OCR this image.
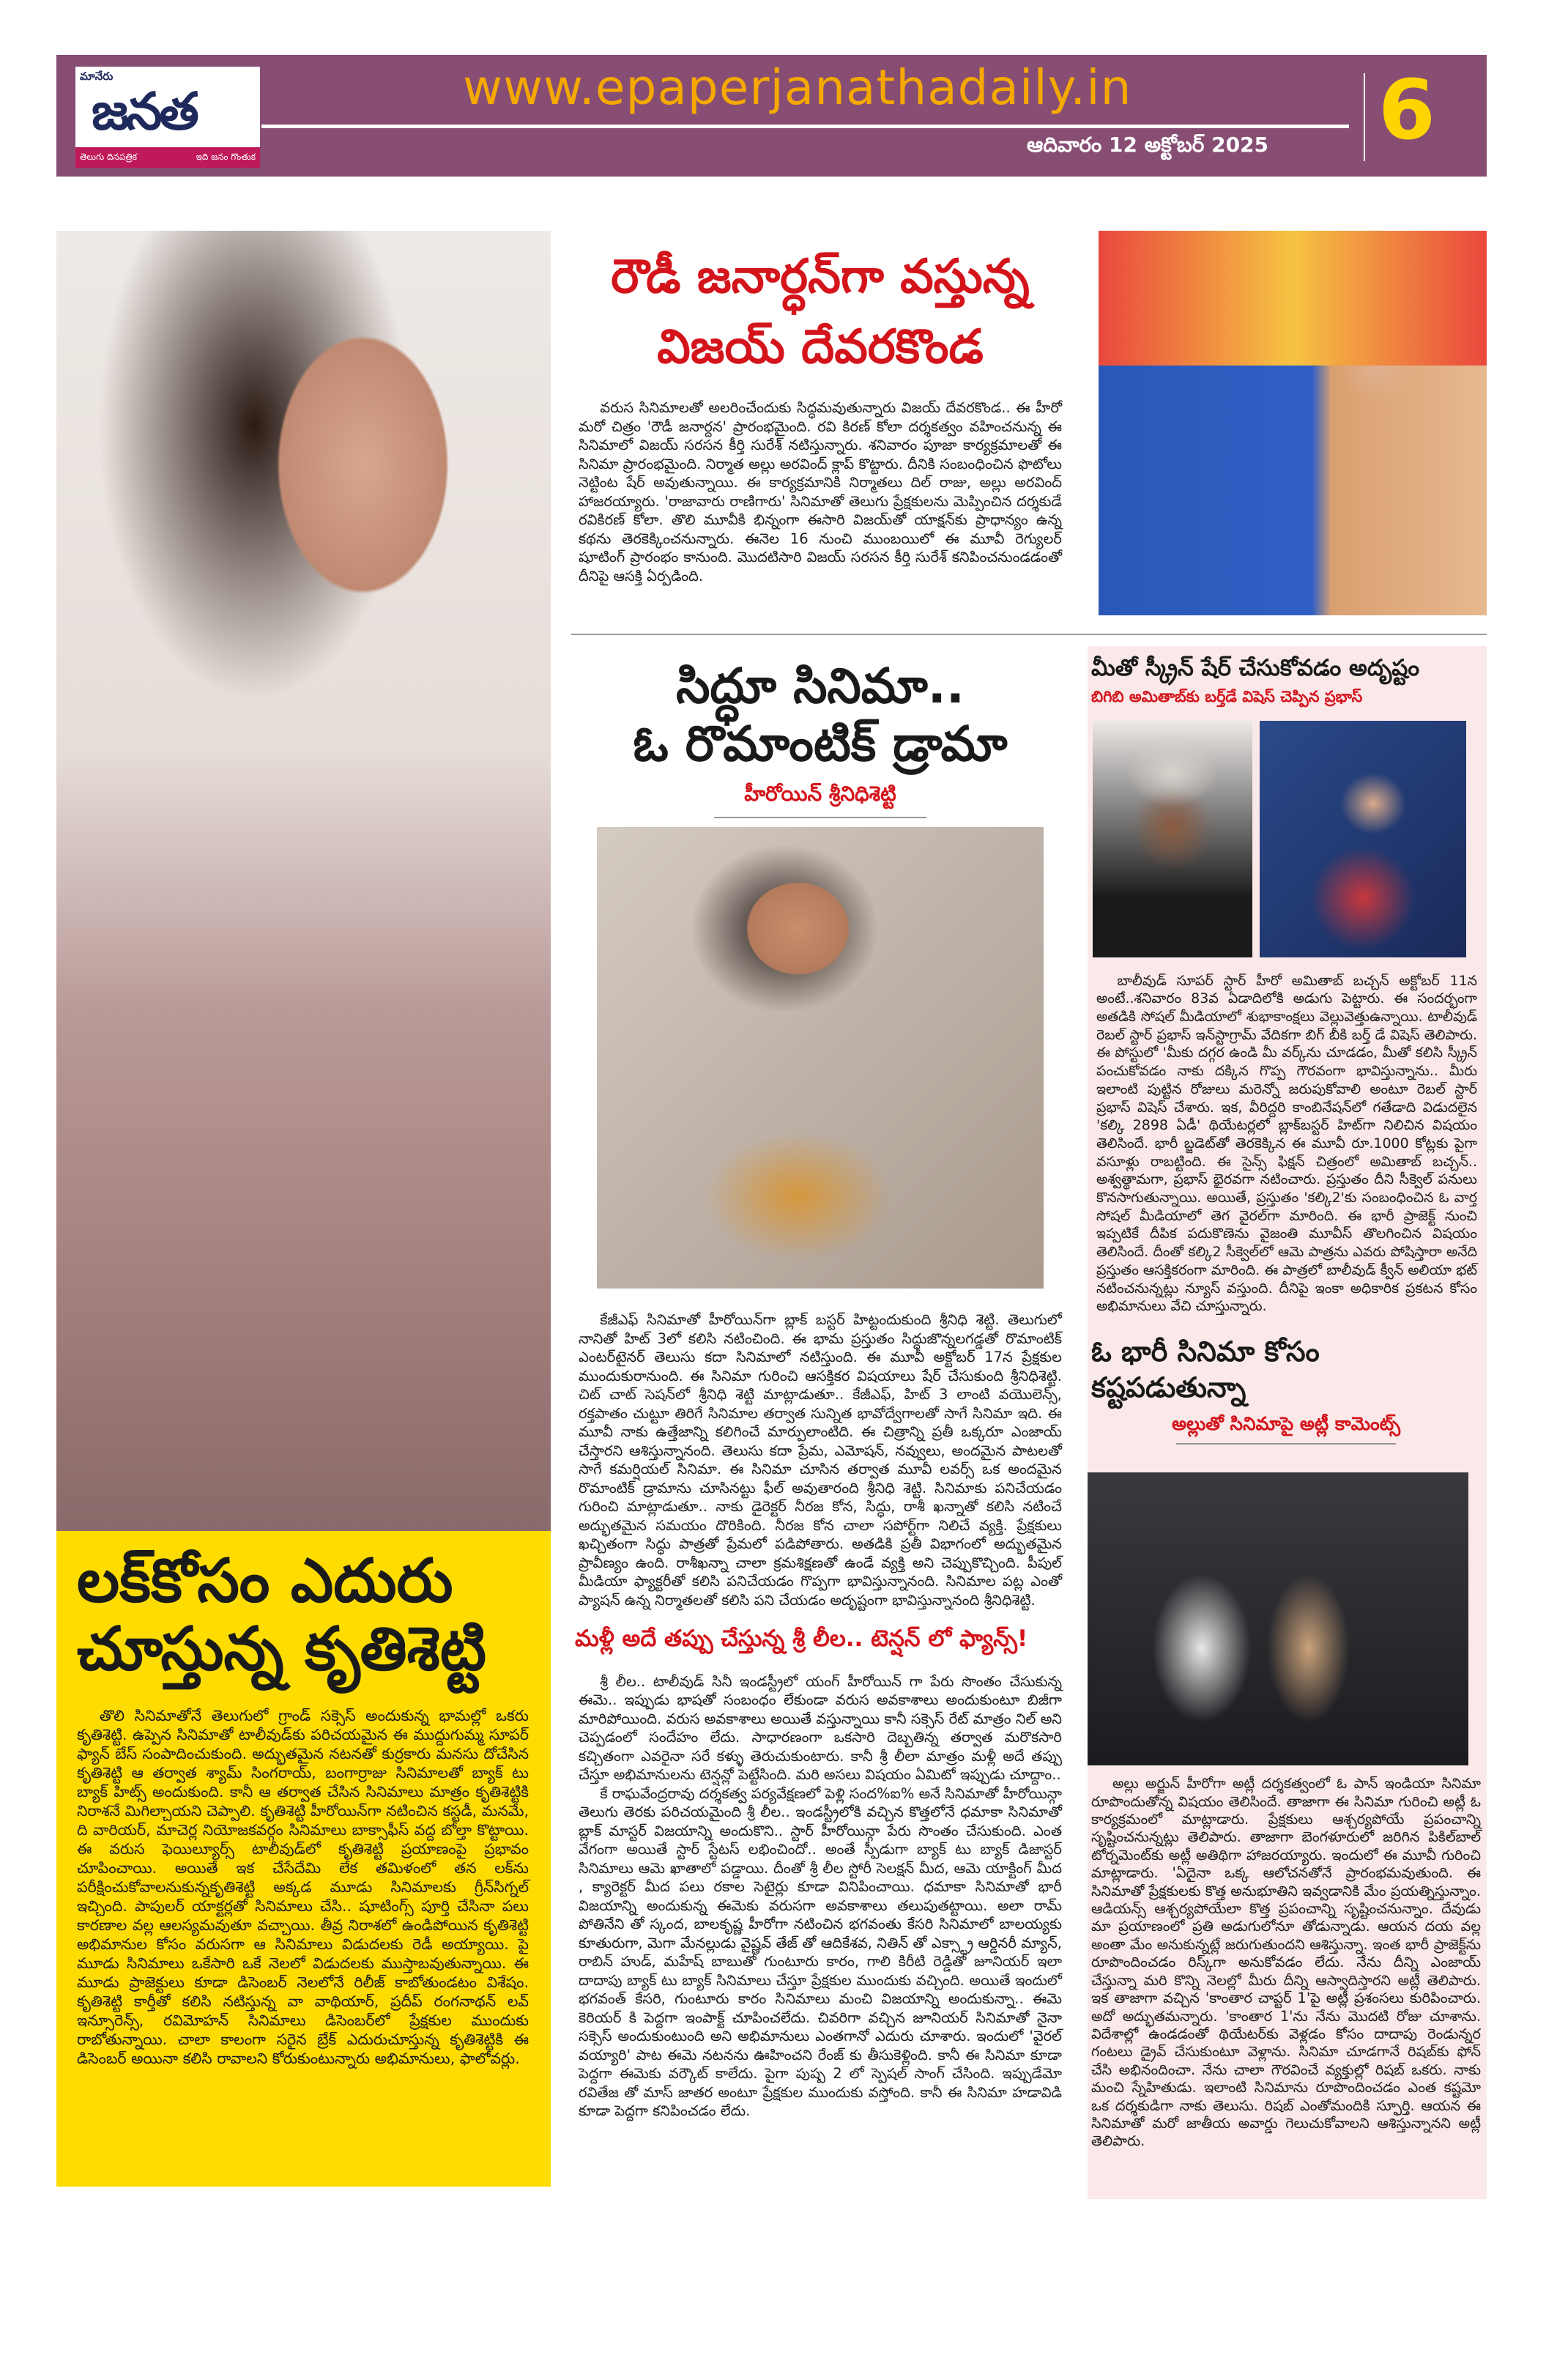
మానేరు
జనత
తెలుగు దినపత్రిక	ఇది జనం గొంతుక
www.epaperjanathadaily.in
ఆదివారం 12 అక్టోబర్ 2025 6
లక్‌కోసం ఎదురు
చూస్తున్న కృతిశెట్టి

తొలి సినిమాతోనే తెలుగులో గ్రాండ్ సక్సెస్ అందుకున్న భామల్లో ఒకరు కృతిశెట్టి. ఉప్పెన సినిమాతో టాలీవుడ్‌కు పరిచయమైన ఈ ముద్దుగుమ్మ సూపర్ ఫ్యాన్ బేస్ సంపాదించుకుంది. అద్భుతమైన నటనతో కుర్రకారు మనసు దోచేసిన కృతిశెట్టి ఆ తర్వాత శ్యామ్ సింగరాయ్, బంగార్రాజు సినిమాలతో బ్యాక్ టు బ్యాక్ హిట్స్ అందుకుంది. కానీ ఆ తర్వాత చేసిన సినిమాలు మాత్రం కృతిశెట్టికి నిరాశనే మిగిల్చాయని చెప్పాలి. కృతిశెట్టి హీరోయిన్‌గా నటించిన కస్టడీ, మనమే, ది వారియర్, మాచెర్ల నియోజకవర్గం సినిమాలు బాక్సాఫీస్ వద్ద బోల్తా కొట్టాయి. ఈ వరుస ఫెయిల్యూర్స్ టాలీవుడ్‌లో కృతిశెట్టి ప్రయాణంపై ప్రభావం చూపించాయి. అయితే ఇక చేసేదేమి లేక తమిళంలో తన లక్‌ను పరీక్షించుకోవాలనుకున్నకృతిశెట్టి అక్కడ మూడు సినిమాలకు గ్రీన్‌సిగ్నల్ ఇచ్చింది. పాపులర్ యాక్టర్లతో సినిమాలు చేసి.. షూటింగ్స్ పూర్తి చేసినా పలు కారణాల వల్ల ఆలస్యమవుతూ వచ్చాయి. తీవ్ర నిరాశలో ఉండిపోయిన కృతిశెట్టి అభిమానుల కోసం వరుసగా ఆ సినిమాలు విడుదలకు రెడీ అయ్యాయి. పై మూడు సినిమాలు ఒకేసారి ఒకే నెలలో విడుదలకు ముస్తాబవుతున్నాయి. ఈ మూడు ప్రాజెక్టులు కూడా డిసెంబర్ నెలలోనే రిలీజ్ కాబోతుండటం విశేషం. కృతిశెట్టి కార్తీతో కలిసి నటిస్తున్న వా వాథియార్, ప్రదీప్ రంగనాథన్ లవ్ ఇన్సూరెన్స్, రవిమోహన్ సినిమాలు డిసెంబర్‌లో ప్రేక్షకుల ముందుకు రాబోతున్నాయి. చాలా కాలంగా సరైన బ్రేక్ ఎదురుచూస్తున్న కృతిశెట్టికి ఈ డిసెంబర్ అయినా కలిసి రావాలని కోరుకుంటున్నారు అభిమానులు, ఫాలోవర్లు.

రౌడీ జనార్ధన్‌గా వస్తున్న
విజయ్ దేవరకొండ

వరుస సినిమాలతో అలరించేందుకు సిద్ధమవుతున్నారు విజయ్ దేవరకొండ.. ఈ హీరో మరో చిత్రం 'రౌడీ జనార్దన' ప్రారంభమైంది. రవి కిరణ్ కోలా దర్శకత్వం వహించనున్న ఈ సినిమాలో విజయ్ సరసన కీర్తి సురేశ్ నటిస్తున్నారు. శనివారం పూజా కార్యక్రమాలతో ఈ సినిమా ప్రారంభమైంది. నిర్మాత అల్లు అరవింద్ క్లాప్ కొట్టారు. దీనికి సంబంధించిన ఫొటోలు నెట్టింట షేర్ అవుతున్నాయి. ఈ కార్యక్రమానికి నిర్మాతలు దిల్ రాజు, అల్లు అరవింద్ హాజరయ్యారు. 'రాజావారు రాణిగారు' సినిమాతో తెలుగు ప్రేక్షకులను మెప్పించిన దర్శకుడే రవికిరణ్ కోలా. తొలి మూవీకి భిన్నంగా ఈసారి విజయ్‌తో యాక్షన్‌కు ప్రాధాన్యం ఉన్న కథను తెరకెక్కించనున్నారు. ఈనెల 16 నుంచి ముంబయిలో ఈ మూవీ రెగ్యులర్ షూటింగ్ ప్రారంభం కానుంది. మొదటిసారి విజయ్ సరసన కీర్తి సురేశ్ కనిపించనుండడంతో దీనిపై ఆసక్తి ఏర్పడింది.

సిద్ధూ సినిమా..
ఓ రొమాంటిక్ డ్రామా
హీరోయిన్ శ్రీనిధిశెట్టి

కేజీఎఫ్ సినిమాతో హీరోయిన్‌గా బ్లాక్ బస్టర్ హిట్టందుకుంది శ్రీనిధి శెట్టి. తెలుగులో నానితో హిట్ 3లో కలిసి నటించింది. ఈ భామ ప్రస్తుతం సిద్ధుజొన్నలగడ్డతో రొమాంటిక్ ఎంటర్‌టైనర్ తెలుసు కదా సినిమాలో నటిస్తుంది. ఈ మూవీ అక్టోబర్ 17న ప్రేక్షకుల ముందుకురానుంది. ఈ సినిమా గురించి ఆసక్తికర విషయాలు షేర్ చేసుకుంది శ్రీనిధిశెట్టి. చిట్ చాట్ సెషన్‌లో శ్రీనిధి శెట్టి మాట్లాడుతూ.. కేజీఎఫ్, హిట్ 3 లాంటి వయొలెన్స్, రక్తపాతం చుట్టూ తిరిగే సినిమాల తర్వాత సున్నిత భావోద్వేగాలతో సాగే సినిమా ఇది. ఈ మూవీ నాకు ఉత్తేజాన్ని కలిగించే మార్పులాంటిది. ఈ చిత్రాన్ని ప్రతీ ఒక్కరూ ఎంజాయ్ చేస్తారని ఆశిస్తున్నానంది. తెలుసు కదా ప్రేమ, ఎమోషన్, నవ్వులు, అందమైన పాటలతో సాగే కమర్షియల్ సినిమా. ఈ సినిమా చూసిన తర్వాత మూవీ లవర్స్ ఒక అందమైన రొమాంటిక్ డ్రామాను చూసినట్టు ఫీల్ అవుతారంది శ్రీనిధి శెట్టి. సినిమాకు పనిచేయడం గురించి మాట్లాడుతూ.. నాకు డైరెక్టర్ నీరజ కోన, సిద్ధు, రాశీ ఖన్నాతో కలిసి నటించే అద్భుతమైన సమయం దొరికింది. నీరజ కోన చాలా సపోర్ట్‌గా నిలిచే వ్యక్తి. ప్రేక్షకులు ఖచ్చితంగా సిద్ధు పాత్రతో ప్రేమలో పడిపోతారు. అతడికి ప్రతీ విభాగంలో అద్భుతమైన ప్రావీణ్యం ఉంది. రాశీఖన్నా చాలా క్రమశిక్షణతో ఉండే వ్యక్తి అని చెప్పుకొచ్చింది. పీపుల్ మీడియా ఫ్యాక్టరీతో కలిసి పనిచేయడం గొప్పగా భావిస్తున్నానంది. సినిమాల పట్ల ఎంతో ప్యాషన్ ఉన్న నిర్మాతలతో కలిసి పని చేయడం అదృష్టంగా భావిస్తున్నానంది శ్రీనిధిశెట్టి.

మళ్లీ అదే తప్పు చేస్తున్న శ్రీ లీల.. టెన్షన్ లో ఫ్యాన్స్!

శ్రీ లీల.. టాలీవుడ్ సినీ ఇండస్ట్రీలో యంగ్ హీరోయిన్ గా పేరు సొంతం చేసుకున్న ఈమె.. ఇప్పుడు భాషతో సంబంధం లేకుండా వరుస అవకాశాలు అందుకుంటూ బిజీగా మారిపోయింది. వరుస అవకాశాలు అయితే వస్తున్నాయి కానీ సక్సెస్ రేట్ మాత్రం నిల్ అని చెప్పడంలో సందేహం లేదు. సాధారణంగా ఒకసారి దెబ్బతిన్న తర్వాత మరొకసారి కచ్చితంగా ఎవరైనా సరే కళ్ళు తెరుచుకుంటారు. కానీ శ్రీ లీలా మాత్రం మళ్లీ అదే తప్పు చేస్తూ అభిమానులను టెన్షన్లో పెట్టేసింది. మరి అసలు విషయం ఏమిటో ఇప్పుడు చూద్దాం..

కే రాఘవేంద్రరావు దర్శకత్వ పర్యవేక్షణలో పెళ్లి సంద%ఐ% అనే సినిమాతో హీరోయిన్గా తెలుగు తెరకు పరిచయమైంది శ్రీ లీల.. ఇండస్ట్రీలోకి వచ్చిన కొత్తలోనే ధమాకా సినిమాతో బ్లాక్ మాస్టర్ విజయాన్ని అందుకొని.. స్టార్ హీరోయిన్గా పేరు సొంతం చేసుకుంది. ఎంత వేగంగా అయితే స్టార్ స్టేటస్ లభించిందో.. అంతే స్పీడుగా బ్యాక్ టు బ్యాక్ డిజాస్టర్ సినిమాలు ఆమె ఖాతాలో పడ్డాయి. దీంతో శ్రీ లీల స్టోరీ సెలక్షన్ మీద, ఆమె యాక్టింగ్ మీద , క్యారెక్టర్ మీద పలు రకాల సెటైర్లు కూడా వినిపించాయి. ధమాకా సినిమాతో భారీ విజయాన్ని అందుకున్న ఈమెకు వరుసగా అవకాశాలు తలుపుతట్టాయి. అలా రామ్ పోతినేని తో స్కంద, బాలకృష్ణ హీరోగా నటించిన భగవంతు కేసరి సినిమాలో బాలయ్యకు కూతురుగా, మెగా మేనల్లుడు వైష్ణవ్ తేజ్ తో ఆదికేశవ, నితిన్ తో ఎక్స్ట్రా ఆర్డినరీ మ్యాన్, రాబిన్ హుడ్, మహేష్ బాబుతో గుంటూరు కారం, గాలి కిరీటి రెడ్డితో జూనియర్ ఇలా దాదాపు బ్యాక్ టు బ్యాక్ సినిమాలు చేస్తూ ప్రేక్షకుల ముందుకు వచ్చింది. అయితే ఇందులో భగవంత్ కేసరి, గుంటూరు కారం సినిమాలు మంచి విజయాన్ని అందుకున్నా.. ఈమె కెరియర్ కి పెద్దగా ఇంపాక్ట్ చూపించలేదు. చివరిగా వచ్చిన జూనియర్ సినిమాతో నైనా సక్సెస్ అందుకుంటుంది అని అభిమానులు ఎంతగానో ఎదురు చూశారు. ఇందులో 'వైరల్ వయ్యారి' పాట ఈమె నటనను ఊహించని రేంజ్ కు తీసుకెళ్లింది. కానీ ఈ సినిమా కూడా పెద్దగా ఈమెకు వర్కౌట్ కాలేదు. పైగా పుష్ప 2 లో స్పెషల్ సాంగ్ చేసింది. ఇప్పుడేమో రవితేజ తో మాస్ జాతర అంటూ ప్రేక్షకుల ముందుకు వస్తోంది. కానీ ఈ సినిమా హడావిడి కూడా పెద్దగా కనిపించడం లేదు.

మీతో స్క్రీన్ షేర్ చేసుకోవడం అదృష్టం
బిగిబి అమితాబ్‌కు బర్త్‌డే విషెస్ చెప్పిన ప్రభాస్

బాలీవుడ్ సూపర్ స్టార్ హీరో అమితాబ్ బచ్చన్ అక్టోబర్ 11న అంటే..శనివారం 83వ ఏడాదిలోకి అడుగు పెట్టారు. ఈ సందర్భంగా అతడికి సోషల్ మీడియాలో శుభాకాంక్షలు వెల్లువెత్తుఉన్నాయి. టాలీవుడ్ రెబల్ స్టార్ ప్రభాస్ ఇన్‌స్టాగ్రామ్ వేదికగా బిగ్ బీకి బర్త్ డే విషెస్ తెలిపారు. ఈ పోస్టులో 'మీకు దగ్గర ఉండి మీ వర్క్‌ను చూడడం, మీతో కలిసి స్క్రీన్ పంచుకోవడం నాకు దక్కిన గొప్ప గౌరవంగా భావిస్తున్నాను.. మీరు ఇలాంటి పుట్టిన రోజులు మరెన్నో జరుపుకోవాలి అంటూ రెబల్ స్టార్ ప్రభాస్ విషెస్ చేశారు. ఇక, వీరిద్దరి కాంబినేషన్‌లో గతేడాది విడుదలైన 'కల్కి 2898 ఏడీ' థియేటర్లలో బ్లాక్‌బస్టర్ హిట్‌గా నిలిచిన విషయం తెలిసిందే. భారీ బ్జడెట్‌తో తెరకెక్కిన ఈ మూవీ రూ.1000 కోట్లకు పైగా వసూళ్లు రాబట్టింది. ఈ సైన్స్ ఫిక్షన్ చిత్రంలో అమితాబ్ బచ్చన్.. అశ్వత్థామగా, ప్రభాస్ భైరవగా నటించారు. ప్రస్తుతం దీని సీక్వెల్ పనులు కొనసాగుతున్నాయి. అయితే, ప్రస్తుతం 'కల్కి2'కు సంబంధించిన ఓ వార్త సోషల్ మీడియాలో తెగ వైరల్‌గా మారింది. ఈ భారీ ప్రాజెక్ట్ నుంచి ఇప్పటికే దీపిక పదుకొణెను వైజంతి మూవీస్ తొలగించిన విషయం తెలిసిందే. దీంతో కల్కి2 సీక్వెల్‌లో ఆమె పాత్రను ఎవరు పోషిస్తారా అనేది ప్రస్తుతం ఆసక్తికరంగా మారింది. ఈ పాత్రలో బాలీవుడ్ క్వీన్ అలియా భట్ నటించనున్నట్లు న్యూస్ వస్తుంది. దీనిపై ఇంకా అధికారిక ప్రకటన కోసం అభిమానులు వేచి చూస్తున్నారు.

ఓ భారీ సినిమా కోసం కష్టపడుతున్నా
అల్లుతో సినిమాపై అట్లీ కామెంట్స్

అల్లు అర్జున్ హీరోగా అట్లీ దర్శకత్వంలో ఓ పాన్ ఇండియా సినిమా రూపొందుతోన్న విషయం తెలిసిందే. తాజాగా ఈ సినిమా గురించి అట్లీ ఓ కార్యక్రమంలో మాట్లాడారు. ప్రేక్షకులు ఆశ్చర్యపోయే ప్రపంచాన్ని సృష్టించనున్నట్లు తెలిపారు. తాజాగా బెంగళూరులో జరిగిన పికిల్‌బాల్ టోర్నమెంట్‌కు అట్లీ అతిథిగా హాజరయ్యారు. ఇందులో ఈ మూవీ గురించి మాట్లాడారు. 'ఏదైనా ఒక్క ఆలోచనతోనే ప్రారంభమవుతుంది. ఈ సినిమాతో ప్రేక్షకులకు కొత్త అనుభూతిని ఇవ్వడానికి మేం ప్రయత్నిస్తున్నాం. ఆడియన్స్ ఆశ్చర్యపోయేలా కొత్త ప్రపంచాన్ని సృష్టించనున్నాం. దేవుడు మా ప్రయాణంలో ప్రతి అడుగులోనూ తోడున్నాడు. ఆయన దయ వల్ల అంతా మేం అనుకున్నట్లే జరుగుతుందని ఆశిస్తున్నా. ఇంత భారీ ప్రాజెక్ట్‌ను రూపొందించడం రిస్క్‌గా అనుకోవడం లేదు. నేను దీన్ని ఎంజాయ్ చేస్తున్నా మరి కొన్ని నెలల్లో మీరు దీన్ని ఆస్వాదిస్తారని అట్లీ తెలిపారు. ఇక తాజాగా వచ్చిన 'కాంతార చాప్టర్ 1'పై అట్లీ ప్రశంసలు కురిపించారు. అదో అద్భుతమన్నారు. 'కాంతార 1'ను నేను మొదటి రోజు చూశాను. విదేశాల్లో ఉండడంతో థియేటర్‌కు వెళ్లడం కోసం దాదాపు రెండున్నర గంటలు డ్రైవ్ చేసుకుంటూ వెళ్లాను. సినిమా చూడగానే రిషబ్‌కు ఫోన్ చేసి అభినందించా. నేను చాలా గౌరవించే వ్యక్తుల్లో రిషబ్ ఒకరు. నాకు మంచి స్నేహితుడు. ఇలాంటి సినిమాను రూపొందించడం ఎంత కష్టమో ఒక దర్శకుడిగా నాకు తెలుసు. రిషబ్ ఎంతోమందికి స్ఫూర్తి. ఆయన ఈ సినిమాతో మరో జాతీయ అవార్డు గెలుచుకోవాలని ఆశిస్తున్నానని అట్లీ తెలిపారు.
